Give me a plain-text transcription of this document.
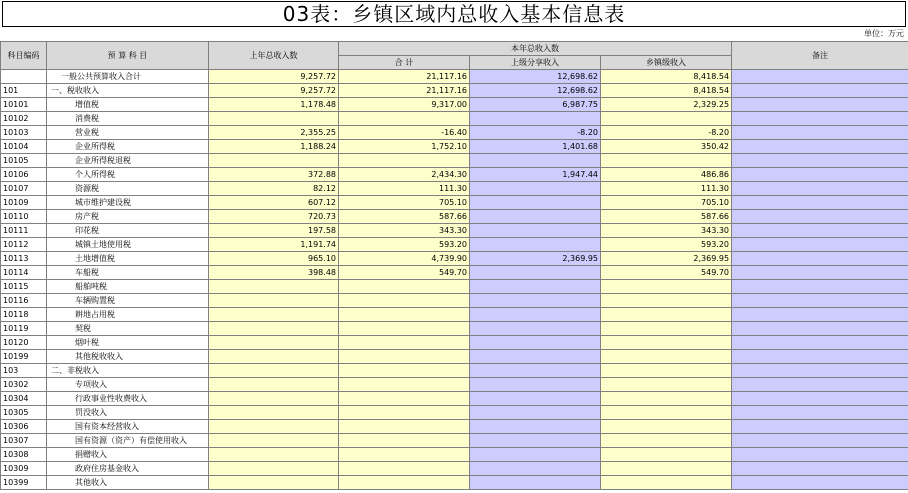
03表：乡镇区域内总收入基本信息表
单位：万元
科目编码	预 算 科 目	上年总收入数	本年总收入数			备注
			合 计	上级分享收入	乡镇级收入	
	一般公共预算收入合计	9,257.72	21,117.16	12,698.62	8,418.54	
101	一、税收收入	9,257.72	21,117.16	12,698.62	8,418.54	
10101	增值税	1,178.48	9,317.00	6,987.75	2,329.25	
10102	消费税					
10103	营业税	2,355.25	-16.40	-8.20	-8.20	
10104	企业所得税	1,188.24	1,752.10	1,401.68	350.42	
10105	企业所得税退税					
10106	个人所得税	372.88	2,434.30	1,947.44	486.86	
10107	资源税	82.12	111.30		111.30	
10109	城市维护建设税	607.12	705.10		705.10	
10110	房产税	720.73	587.66		587.66	
10111	印花税	197.58	343.30		343.30	
10112	城镇土地使用税	1,191.74	593.20		593.20	
10113	土地增值税	965.10	4,739.90	2,369.95	2,369.95	
10114	车船税	398.48	549.70		549.70	
10115	船舶吨税					
10116	车辆购置税					
10118	耕地占用税					
10119	契税					
10120	烟叶税					
10199	其他税收收入					
103	二、非税收入					
10302	专项收入					
10304	行政事业性收费收入					
10305	罚没收入					
10306	国有资本经营收入					
10307	国有资源（资产）有偿使用收入					
10308	捐赠收入					
10309	政府住房基金收入					
10399	其他收入					
